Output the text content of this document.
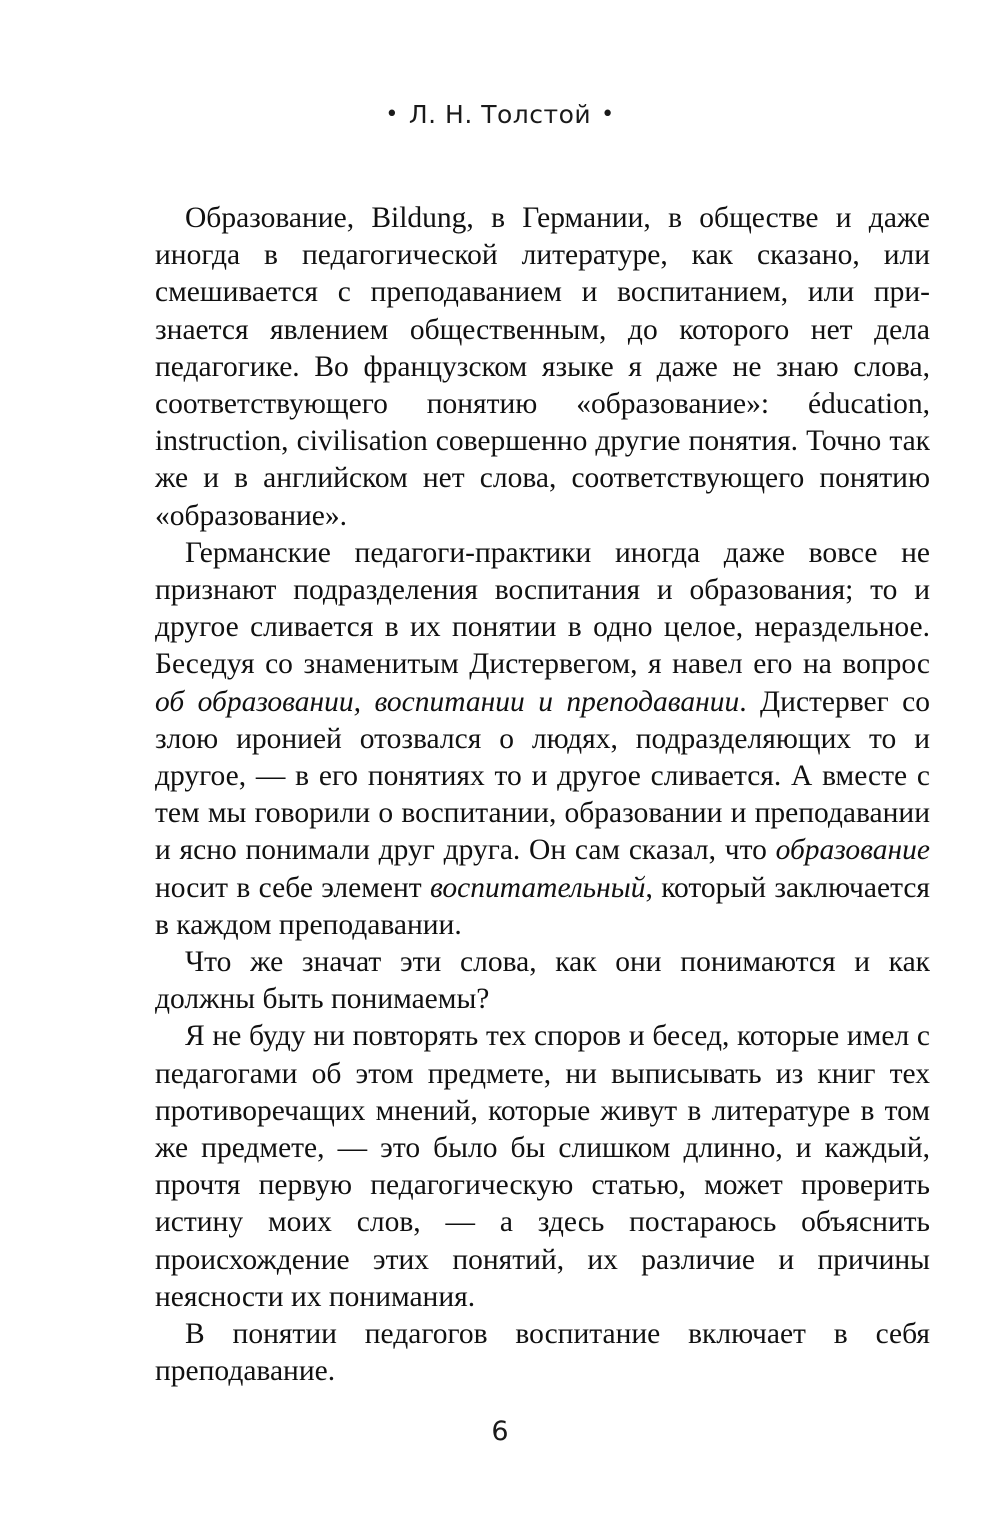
• Л. Н. Толстой •

Образование, Bildung, в Германии, в обществе и даже иногда в педагогической литературе, как сказано, или смешивается с преподаванием и воспитанием, или признается явлением общественным, до которого нет дела педагогике. Во французском языке я даже не знаю слова, соответствующего понятию «образование»: éducation, instruction, civilisation совершенно другие понятия. Точно так же и в английском нет слова, соответствующего понятию «образование».

Германские педагоги-практики иногда даже вовсе не признают подразделения воспитания и образования; то и другое сливается в их понятии в одно целое, нераздельное. Беседуя со знаменитым Дистервегом, я навел его на вопрос об образовании, воспитании и преподавании. Дистервег со злою иронией отозвался о людях, подразделяющих то и другое, — в его понятиях то и другое сливается. А вместе с тем мы говорили о воспитании, образовании и преподавании и ясно понимали друг друга. Он сам сказал, что образование носит в себе элемент воспитательный, который заключается в каждом преподавании.

Что же значат эти слова, как они понимаются и как должны быть понимаемы?

Я не буду ни повторять тех споров и бесед, которые имел с педагогами об этом предмете, ни выписывать из книг тех противоречащих мнений, которые живут в литературе в том же предмете, — это было бы слишком длинно, и каждый, прочтя первую педагогическую статью, может проверить истину моих слов, — а здесь постараюсь объяснить происхождение этих понятий, их различие и причины неясности их понимания.

В понятии педагогов воспитание включает в себя преподавание.

6
